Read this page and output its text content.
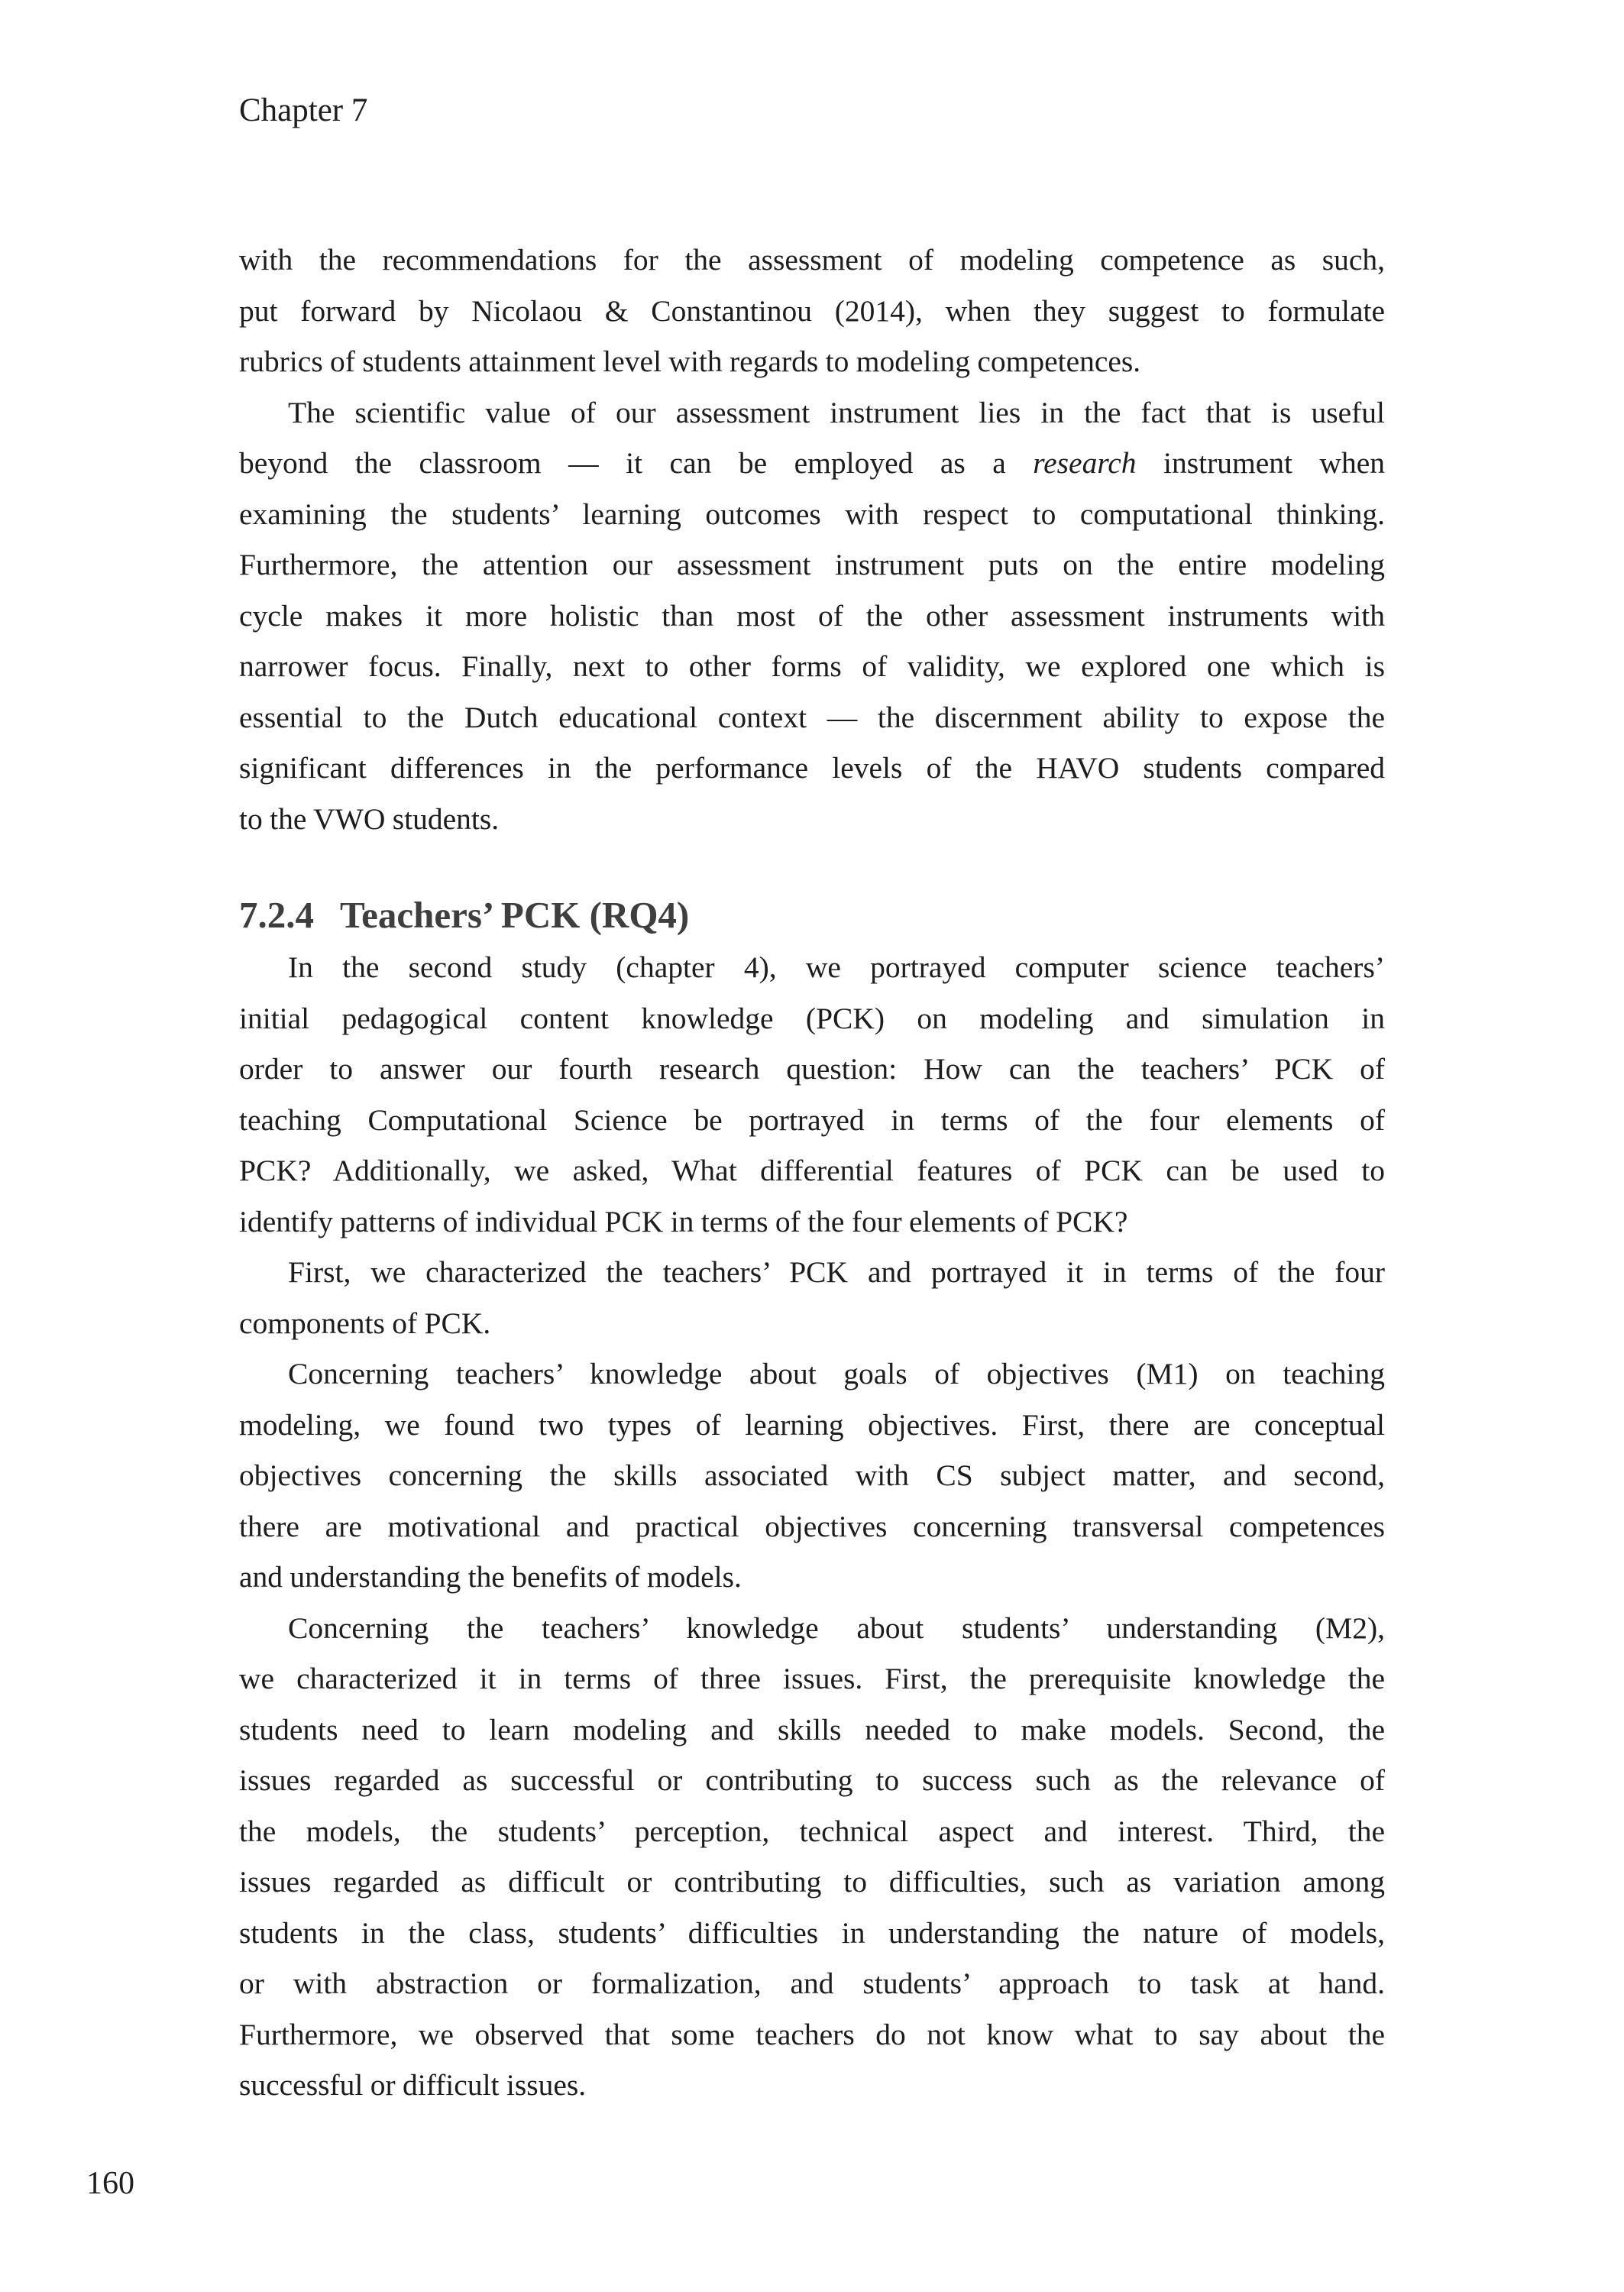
Chapter 7
with the recommendations for the assessment of modeling competence as such,
put forward by Nicolaou & Constantinou (2014), when they suggest to formulate
rubrics of students attainment level with regards to modeling competences.
The scientific value of our assessment instrument lies in the fact that is useful
beyond the classroom — it can be employed as a research instrument when
examining the students’ learning outcomes with respect to computational thinking.
Furthermore, the attention our assessment instrument puts on the entire modeling
cycle makes it more holistic than most of the other assessment instruments with
narrower focus. Finally, next to other forms of validity, we explored one which is
essential to the Dutch educational context — the discernment ability to expose the
significant differences in the performance levels of the HAVO students compared
to the VWO students.
7.2.4 Teachers’ PCK (RQ4)
In the second study (chapter 4), we portrayed computer science teachers’
initial pedagogical content knowledge (PCK) on modeling and simulation in
order to answer our fourth research question: How can the teachers’ PCK of
teaching Computational Science be portrayed in terms of the four elements of
PCK? Additionally, we asked, What differential features of PCK can be used to
identify patterns of individual PCK in terms of the four elements of PCK?
First, we characterized the teachers’ PCK and portrayed it in terms of the four
components of PCK.
Concerning teachers’ knowledge about goals of objectives (M1) on teaching
modeling, we found two types of learning objectives. First, there are conceptual
objectives concerning the skills associated with CS subject matter, and second,
there are motivational and practical objectives concerning transversal competences
and understanding the benefits of models.
Concerning the teachers’ knowledge about students’ understanding (M2),
we characterized it in terms of three issues. First, the prerequisite knowledge the
students need to learn modeling and skills needed to make models. Second, the
issues regarded as successful or contributing to success such as the relevance of
the models, the students’ perception, technical aspect and interest. Third, the
issues regarded as difficult or contributing to difficulties, such as variation among
students in the class, students’ difficulties in understanding the nature of models,
or with abstraction or formalization, and students’ approach to task at hand.
Furthermore, we observed that some teachers do not know what to say about the
successful or difficult issues.
160
